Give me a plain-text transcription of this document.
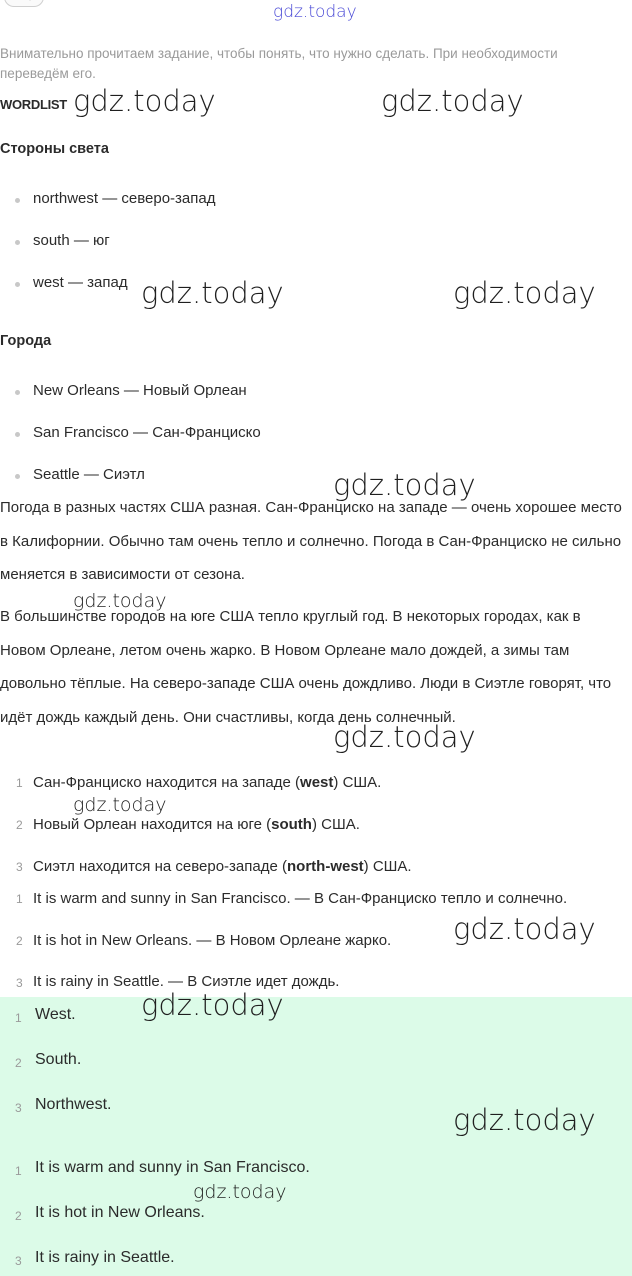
Внимательно прочитаем задание, чтобы понять, что нужно сделать. При необходимости переведём его.
WORDLIST
Стороны света
northwest — северо-запад
south — юг
west — запад
Города
New Orleans — Новый Орлеан
San Francisco — Сан-Франциско
Seattle — Сиэтл
Погода в разных частях США разная. Сан-Франциско на западе — очень хорошее место в Калифорнии. Обычно там очень тепло и солнечно. Погода в Сан-Франциско не сильно меняется в зависимости от сезона.
В большинстве городов на юге США тепло круглый год. В некоторых городах, как в Новом Орлеане, летом очень жарко. В Новом Орлеане мало дождей, а зимы там довольно тёплые. На северо-западе США очень дождливо. Люди в Сиэтле говорят, что идёт дождь каждый день. Они счастливы, когда день солнечный.
1 Сан-Франциско находится на западе (west) США.
2 Новый Орлеан находится на юге (south) США.
3 Сиэтл находится на северо-западе (north-west) США.
1 It is warm and sunny in San Francisco. — В Сан-Франциско тепло и солнечно.
2 It is hot in New Orleans. — В Новом Орлеане жарко.
3 It is rainy in Seattle. — В Сиэтле идет дождь.
1 West.
2 South.
3 Northwest.
1 It is warm and sunny in San Francisco.
2 It is hot in New Orleans.
3 It is rainy in Seattle.
gdz.today
gdz.today	gdz.today
gdz.today	gdz.today
gdz.today
gdz.today
gdz.today
gdz.today
gdz.today
gdz.today
gdz.today
gdz.today
